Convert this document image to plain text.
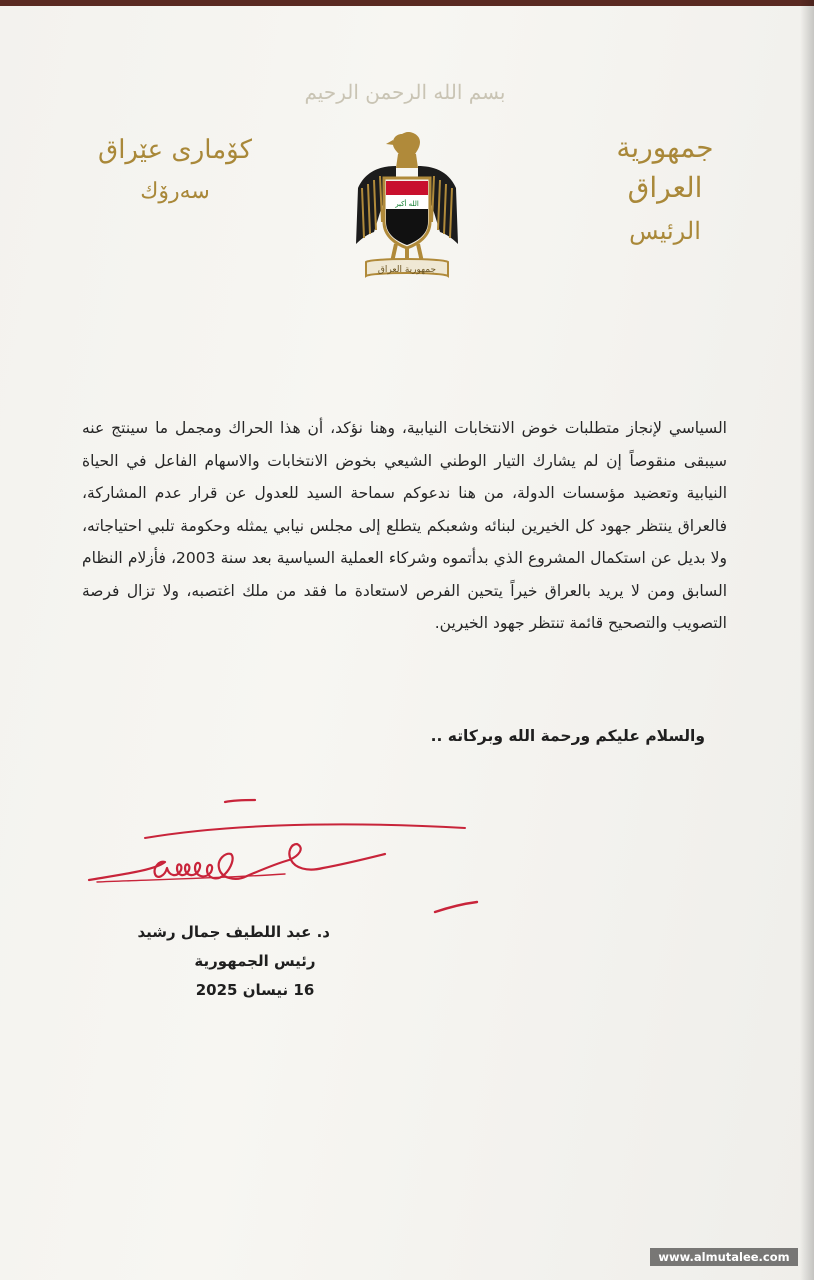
بسم الله الرحمن الرحيم
جمهورية العراق
الرئيس
كۆماری عێراق
سەرۆك	الله أكبر
جمهورية العراق

السياسي لإنجاز متطلبات خوض الانتخابات النيابية، وهنا نؤكد، أن هذا الحراك ومجمل ما سينتج عنه سيبقى منقوصاً إن لم يشارك التيار الوطني الشيعي بخوض الانتخابات والاسهام الفاعل في الحياة النيابية وتعضيد مؤسسات الدولة، من هنا ندعوكم سماحة السيد للعدول عن قرار عدم المشاركة، فالعراق ينتظر جهود كل الخيرين لبنائه وشعبكم يتطلع إلى مجلس نيابي يمثله وحكومة تلبي احتياجاته، ولا بديل عن استكمال المشروع الذي بدأتموه وشركاء العملية السياسية بعد سنة 2003، فأزلام النظام السابق ومن لا يريد بالعراق خيراً يتحين الفرص لاستعادة ما فقد من ملك اغتصبه، ولا تزال فرصة التصويب والتصحيح قائمة تنتظر جهود الخيرين.

والسلام عليكم ورحمة الله وبركاته ..
د. عبد اللطيف جمال رشيد
رئيس الجمهورية
16 نيسان 2025
www.almutalee.com
